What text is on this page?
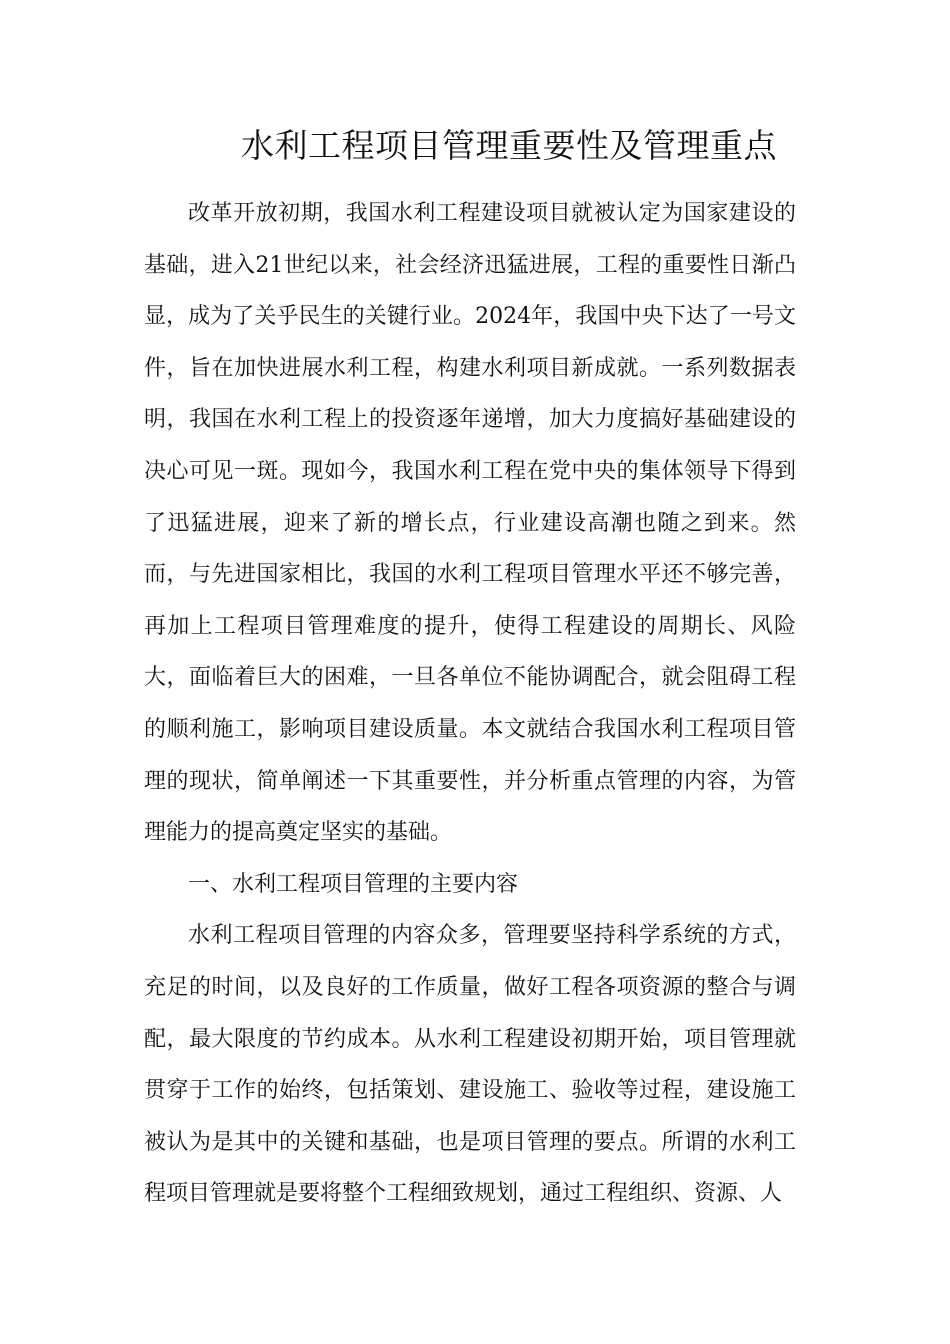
水利工程项目管理重要性及管理重点

改革开放初期，我国水利工程建设项目就被认定为国家建设的基础，进入21世纪以来，社会经济迅猛进展，工程的重要性日渐凸显，成为了关乎民生的关键行业。2024年，我国中央下达了一号文件，旨在加快进展水利工程，构建水利项目新成就。一系列数据表明，我国在水利工程上的投资逐年递增，加大力度搞好基础建设的决心可见一斑。现如今，我国水利工程在党中央的集体领导下得到了迅猛进展，迎来了新的增长点，行业建设高潮也随之到来。然而，与先进国家相比，我国的水利工程项目管理水平还不够完善，再加上工程项目管理难度的提升，使得工程建设的周期长、风险大，面临着巨大的困难，一旦各单位不能协调配合，就会阻碍工程的顺利施工，影响项目建设质量。本文就结合我国水利工程项目管理的现状，简单阐述一下其重要性，并分析重点管理的内容，为管理能力的提高奠定坚实的基础。

一、水利工程项目管理的主要内容

水利工程项目管理的内容众多，管理要坚持科学系统的方式，充足的时间，以及良好的工作质量，做好工程各项资源的整合与调配，最大限度的节约成本。从水利工程建设初期开始，项目管理就贯穿于工作的始终，包括策划、建设施工、验收等过程，建设施工被认为是其中的关键和基础，也是项目管理的要点。所谓的水利工程项目管理就是要将整个工程细致规划，通过工程组织、资源、人
